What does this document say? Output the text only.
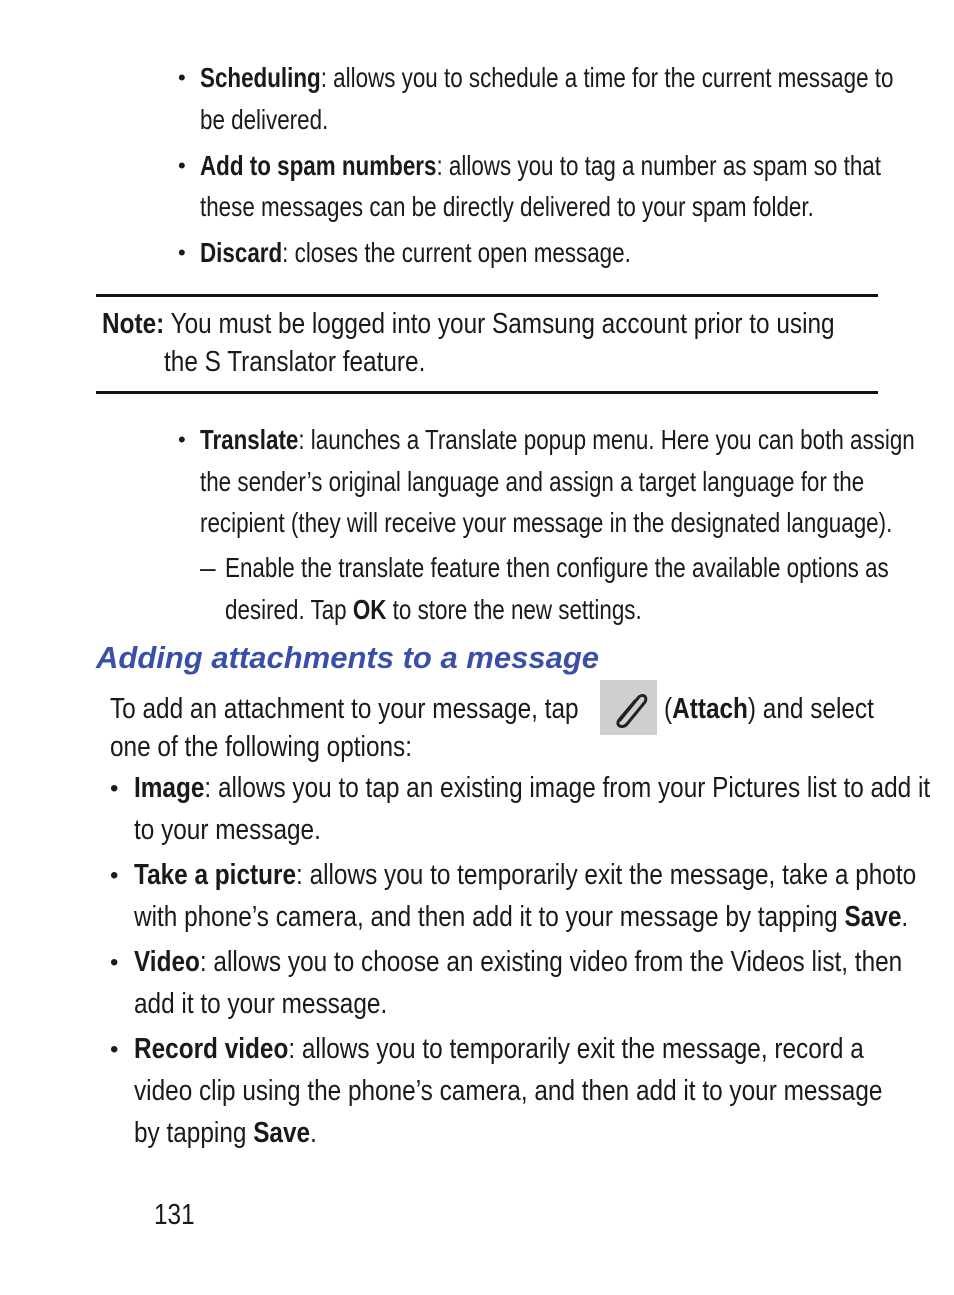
• Scheduling: allows you to schedule a time for the current message to
be delivered.
• Add to spam numbers: allows you to tag a number as spam so that
these messages can be directly delivered to your spam folder.
• Discard: closes the current open message.
Note: You must be logged into your Samsung account prior to using
the S Translator feature.
• Translate: launches a Translate popup menu. Here you can both assign
the sender’s original language and assign a target language for the
recipient (they will receive your message in the designated language).
– Enable the translate feature then configure the available options as
desired. Tap OK to store the new settings.
Adding attachments to a message
To add an attachment to your message, tap	(Attach) and select
one of the following options:
• Image: allows you to tap an existing image from your Pictures list to add it
to your message.
• Take a picture: allows you to temporarily exit the message, take a photo
with phone’s camera, and then add it to your message by tapping Save.
• Video: allows you to choose an existing video from the Videos list, then
add it to your message.
• Record video: allows you to temporarily exit the message, record a
video clip using the phone’s camera, and then add it to your message
by tapping Save.
131
